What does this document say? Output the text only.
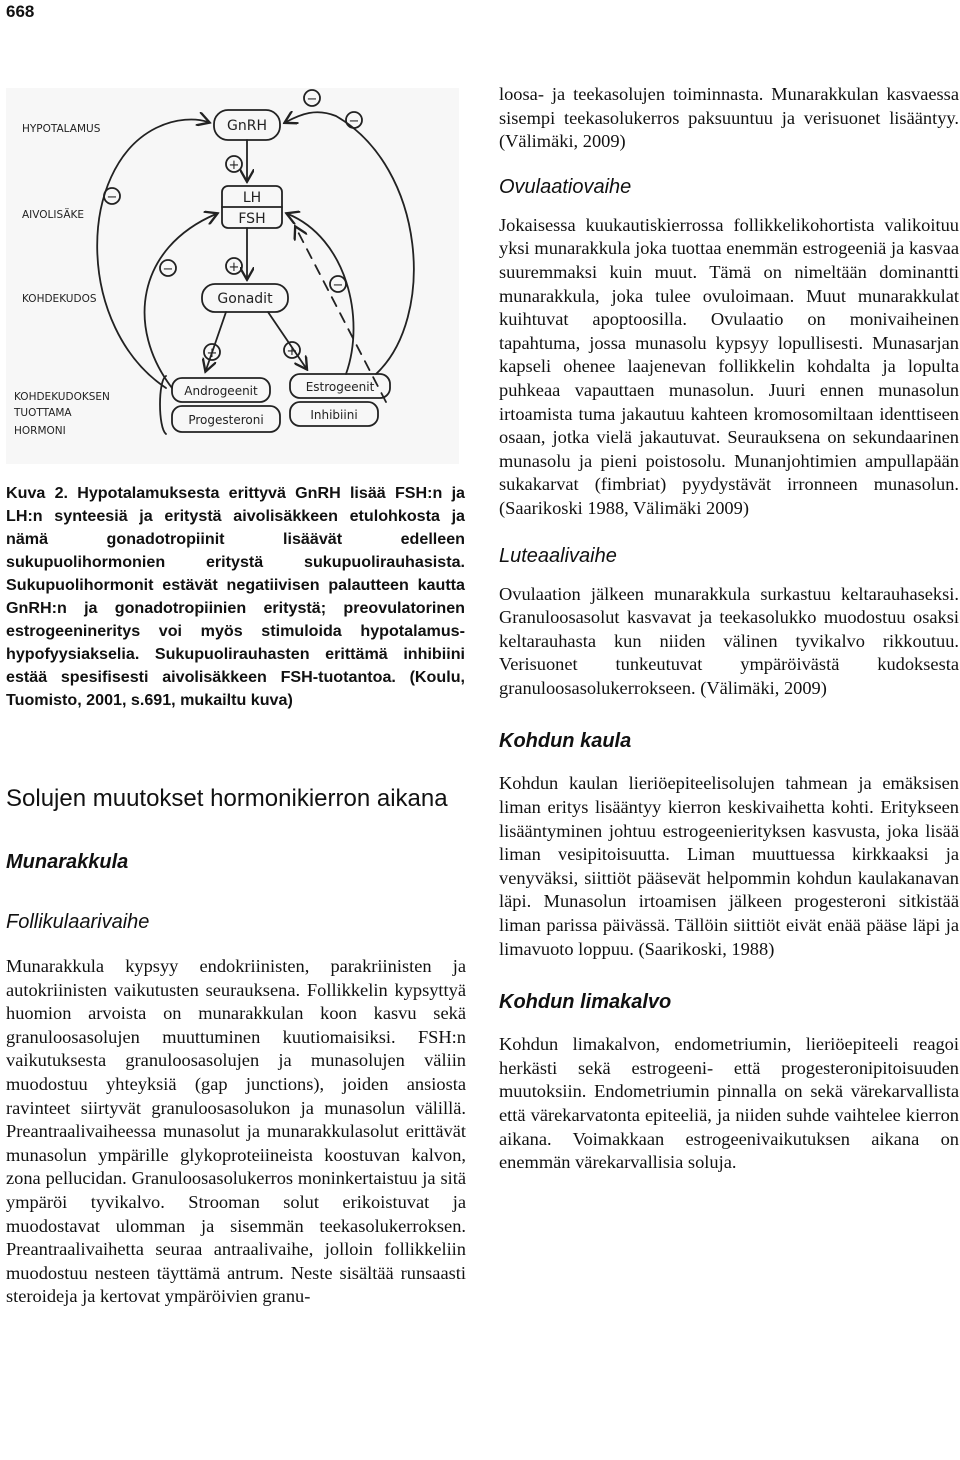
668
+
+
−
−
−
−
−
+	+
HYPOTALAMUS
AIVOLISÄKE
KOHDEKUDOS
KOHDEKUDOKSEN
TUOTTAMA
HORMONI
GnRH
LH
FSH
Gonadit
Androgeenit
Progesteroni
Estrogeenit
Inhibiini

Kuva 2. Hypotalamuksesta erittyvä GnRH lisää FSH:n ja LH:n synteesiä ja eritystä aivolisäkkeen etulohkosta ja nämä gonadotropiinit lisäävät edelleen sukupuolihormonien eritystä sukupuolirauhasista. Sukupuolihormonit estävät negatiivisen palautteen kautta GnRH:n ja gonadotropiinien eritystä; preovulatorinen estrogeenineritys voi myös stimuloida hypotalamus-hypofyysiakselia. Sukupuolirauhasten erittämä inhibiini estää spesifisesti aivolisäkkeen FSH-tuotantoa. (Koulu, Tuomisto, 2001, s.691, mukailtu kuva)

Solujen muutokset hormonikierron aikana
Munarakkula
Follikulaarivaihe

Munarakkula kypsyy endokriinisten, parakriinisten ja autokriinisten vaikutusten seurauksena. Follikkelin kypsyttyä huomion arvoista on munarakkulan koon kasvu sekä granuloosasolujen muuttuminen kuutiomaisiksi. FSH:n vaikutuksesta granuloosasolujen ja munasolujen väliin muodostuu yhteyksiä (gap junctions), joiden ansiosta ravinteet siirtyvät granuloosasolukon ja munasolun välillä. Preantraalivaiheessa munasolut ja munarakkulasolut erittävät munasolun ympärille glykoproteiineista koostuvan kalvon, zona pellucidan. Granuloosasolukerros moninkertaistuu ja sitä ympäröi tyvikalvo. Strooman solut erikoistuvat ja muodostavat ulomman ja sisemmän teekasolukerroksen. Preantraalivaihetta seuraa antraalivaihe, jolloin follikkeliin muodostuu nesteen täyttämä antrum. Neste sisältää runsaasti steroideja ja kertovat ympäröivien granu-

loosa- ja teekasolujen toiminnasta. Munarakkulan kasvaessa sisempi teekasolukerros paksuuntuu ja verisuonet lisääntyy. (Välimäki, 2009)

Ovulaatiovaihe

Jokaisessa kuukautiskierrossa follikkelikohortista valikoituu yksi munarakkula joka tuottaa enemmän estrogeeniä ja kasvaa suuremmaksi kuin muut. Tämä on nimeltään dominantti munarakkula, joka tulee ovuloimaan. Muut munarakkulat kuihtuvat apoptoosilla. Ovulaatio on monivaiheinen tapahtuma, jossa munasolu kypsyy lopullisesti. Munasarjan kapseli ohenee laajenevan follikkelin kohdalta ja lopulta puhkeaa vapauttaen munasolun. Juuri ennen munasolun irtoamista tuma jakautuu kahteen kromosomiltaan identtiseen osaan, jotka vielä jakautuvat. Seurauksena on sekundaarinen munasolu ja pieni poistosolu. Munanjohtimien ampullapään sukakarvat (fimbriat) pyydystävät irronneen munasolun. (Saarikoski 1988, Välimäki 2009)

Luteaalivaihe

Ovulaation jälkeen munarakkula surkastuu keltarauhaseksi. Granuloosasolut kasvavat ja teekasolukko muodostuu osaksi keltarauhasta kun niiden välinen tyvikalvo rikkoutuu. Verisuonet tunkeutuvat ympäröivästä kudoksesta granuloosasolukerrokseen. (Välimäki, 2009)

Kohdun kaula

Kohdun kaulan lieriöepiteelisolujen tahmean ja emäksisen liman eritys lisääntyy kierron keskivaihetta kohti. Eritykseen lisääntyminen johtuu estrogeenierityksen kasvusta, joka lisää liman vesipitoisuutta. Liman muuttuessa kirkkaaksi ja venyväksi, siittiöt pääsevät helpommin kohdun kaulakanavan läpi. Munasolun irtoamisen jälkeen progesteroni sitkistää liman parissa päivässä. Tällöin siittiöt eivät enää pääse läpi ja limavuoto loppuu. (Saarikoski, 1988)

Kohdun limakalvo

Kohdun limakalvon, endometriumin, lieriöepiteeli reagoi herkästi sekä estrogeeni- että progesteronipitoisuuden muutoksiin. Endometriumin pinnalla on sekä värekarvallista että värekarvatonta epiteeliä, ja niiden suhde vaihtelee kierron aikana. Voimakkaan estrogeenivaikutuksen aikana on enemmän värekarvallisia soluja.
